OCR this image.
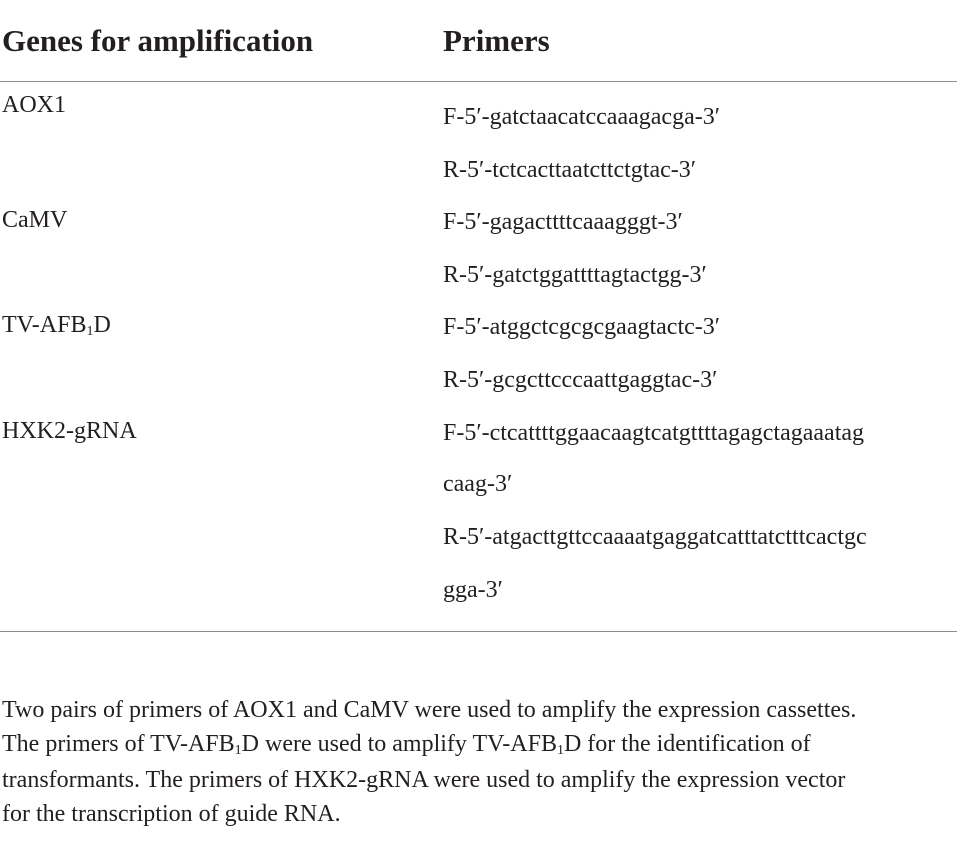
Genes for amplification	Primers
AOX1	F-5′-gatctaacatccaaagacga-3′
R-5′-tctcacttaatcttctgtac-3′
CaMV	F-5′-gagacttttcaaagggt-3′
R-5′-gatctggattttagtactgg-3′
$TV-AFB_1D$	F-5′-atggctcgcgcgaagtactc-3′
R-5′-gcgcttcccaattgaggtac-3′
HXK2-gRNA	F-5′-ctcattttggaacaagtcatgttttagagctagaaatag
caag-3′
R-5′-atgacttgttccaaaatgaggatcatttatctttcactgc
gga-3′

Two pairs of primers of AOX1 and CaMV were used to amplify the expression cassettes.

The primers of $TV-AFB_1D$ were used to amplify $TV-AFB_1D$ for the identification of

transformants. The primers of HXK2-gRNA were used to amplify the expression vector

for the transcription of guide RNA.
